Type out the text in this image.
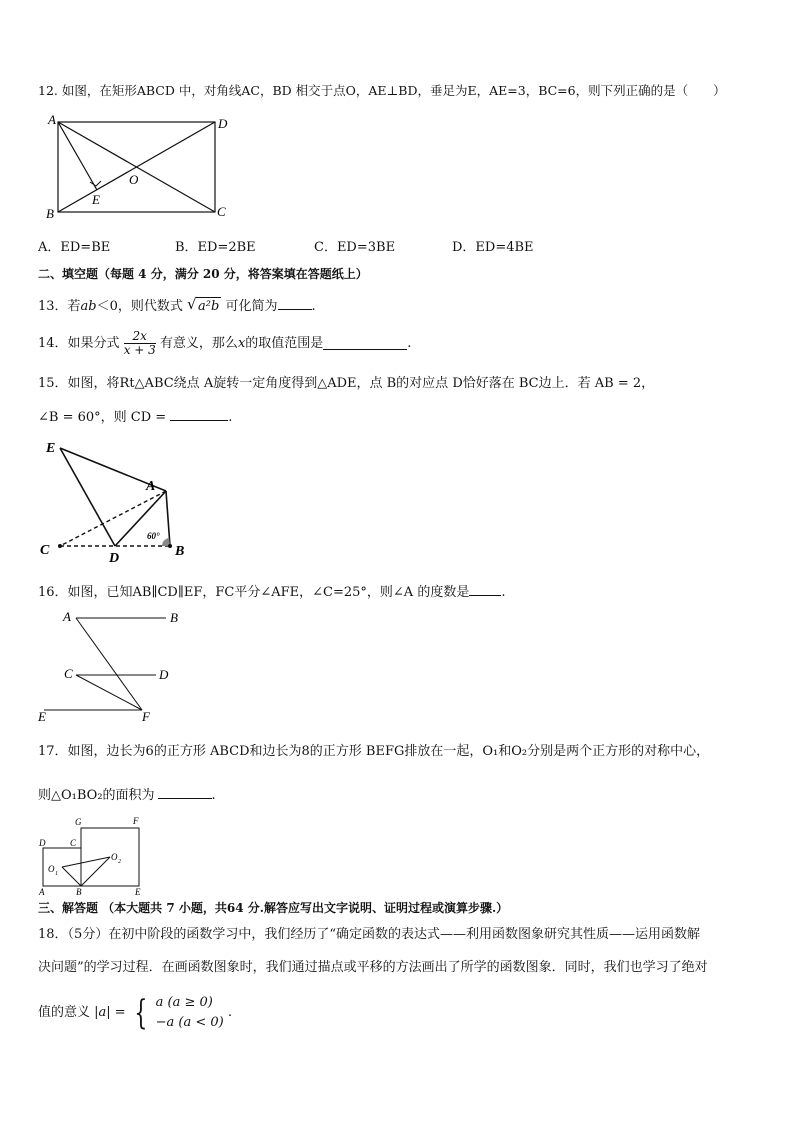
12. 如图，在矩形ABCD 中，对角线AC，BD 相交于点O，AE⊥BD，垂足为E，AE=3，BC=6，则下列正确的是（　　）
A	D
B	C
E
O
A．ED=BE	B．ED=2BE	C．ED=3BE	D．ED=4BE
二、填空题（每题 4 分，满分 20 分，将答案填在答题纸上）
13．若ab＜0，则代数式 √ a²b 可化简为	.
14．如果分式 $\frac{2x}{x + 3}$ 有意义，那么x的取值范围是	.
15．如图，将Rt△ABC绕点 A旋转一定角度得到△ADE，点 B的对应点 D恰好落在 BC边上．若 AB = 2，
∠B = 60°，则 CD =	.
E
A
C
D	B
60°
16．如图，已知AB∥CD∥EF，FC平分∠AFE，∠C=25°，则∠A 的度数是 .
A	B
C	D
E	F
17．如图，边长为6的正方形 ABCD和边长为8的正方形 BEFG排放在一起，O₁和O₂分别是两个正方形的对称中心，
则△O₁BO₂的面积为	.
D	C
G	F
A	B	E
O 1
O 2
三、解答题 （本大题共 7 小题，共64 分.解答应写出文字说明、证明过程或演算步骤.）
18．（5分）在初中阶段的函数学习中，我们经历了“确定函数的表达式——利用函数图象研究其性质——运用函数解
决问题”的学习过程．在画函数图象时，我们通过描点或平移的方法画出了所学的函数图象．同时，我们也学习了绝对
值的意义 |a| = { a (a ≥ 0)
−a (a < 0)
.
